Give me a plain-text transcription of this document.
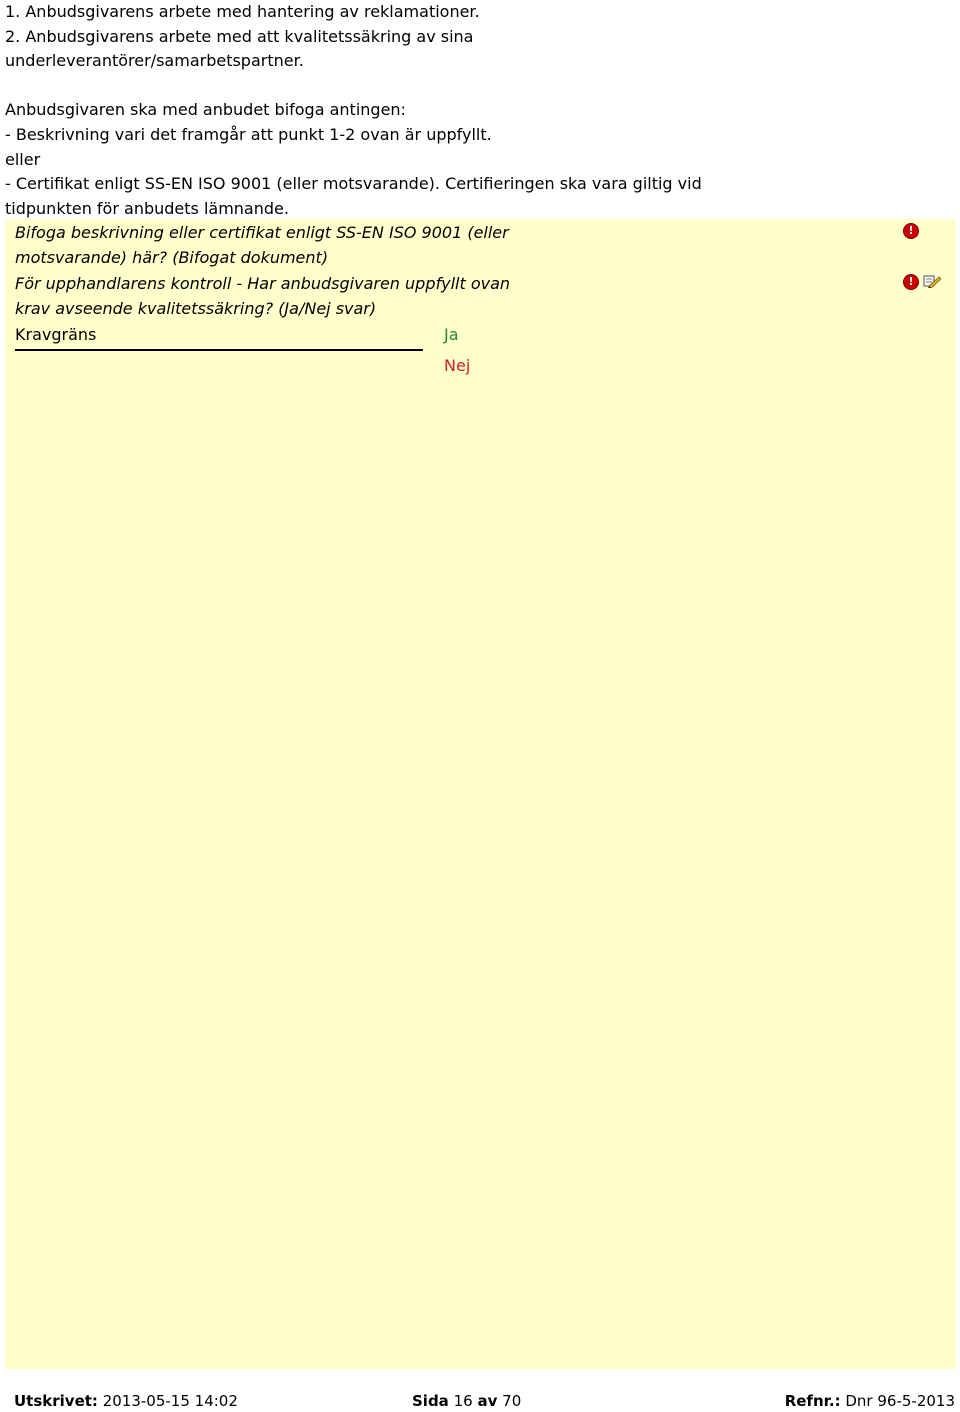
1. Anbudsgivarens arbete med hantering av reklamationer.
2. Anbudsgivarens arbete med att kvalitetssäkring av sina
underleverantörer/samarbetspartner.
Anbudsgivaren ska med anbudet bifoga antingen:
- Beskrivning vari det framgår att punkt 1-2 ovan är uppfyllt.
eller
- Certifikat enligt SS-EN ISO 9001 (eller motsvarande). Certifieringen ska vara giltig vid
tidpunkten för anbudets lämnande.
Bifoga beskrivning eller certifikat enligt SS-EN ISO 9001 (eller
motsvarande) här? (Bifogat dokument)
!
För upphandlarens kontroll - Har anbudsgivaren uppfyllt ovan
krav avseende kvalitetssäkring? (Ja/Nej svar)
!
Kravgräns	Ja
Nej
Utskrivet: 2013-05-15 14:02	Sida 16 av 70	Refnr.: Dnr 96-5-2013
